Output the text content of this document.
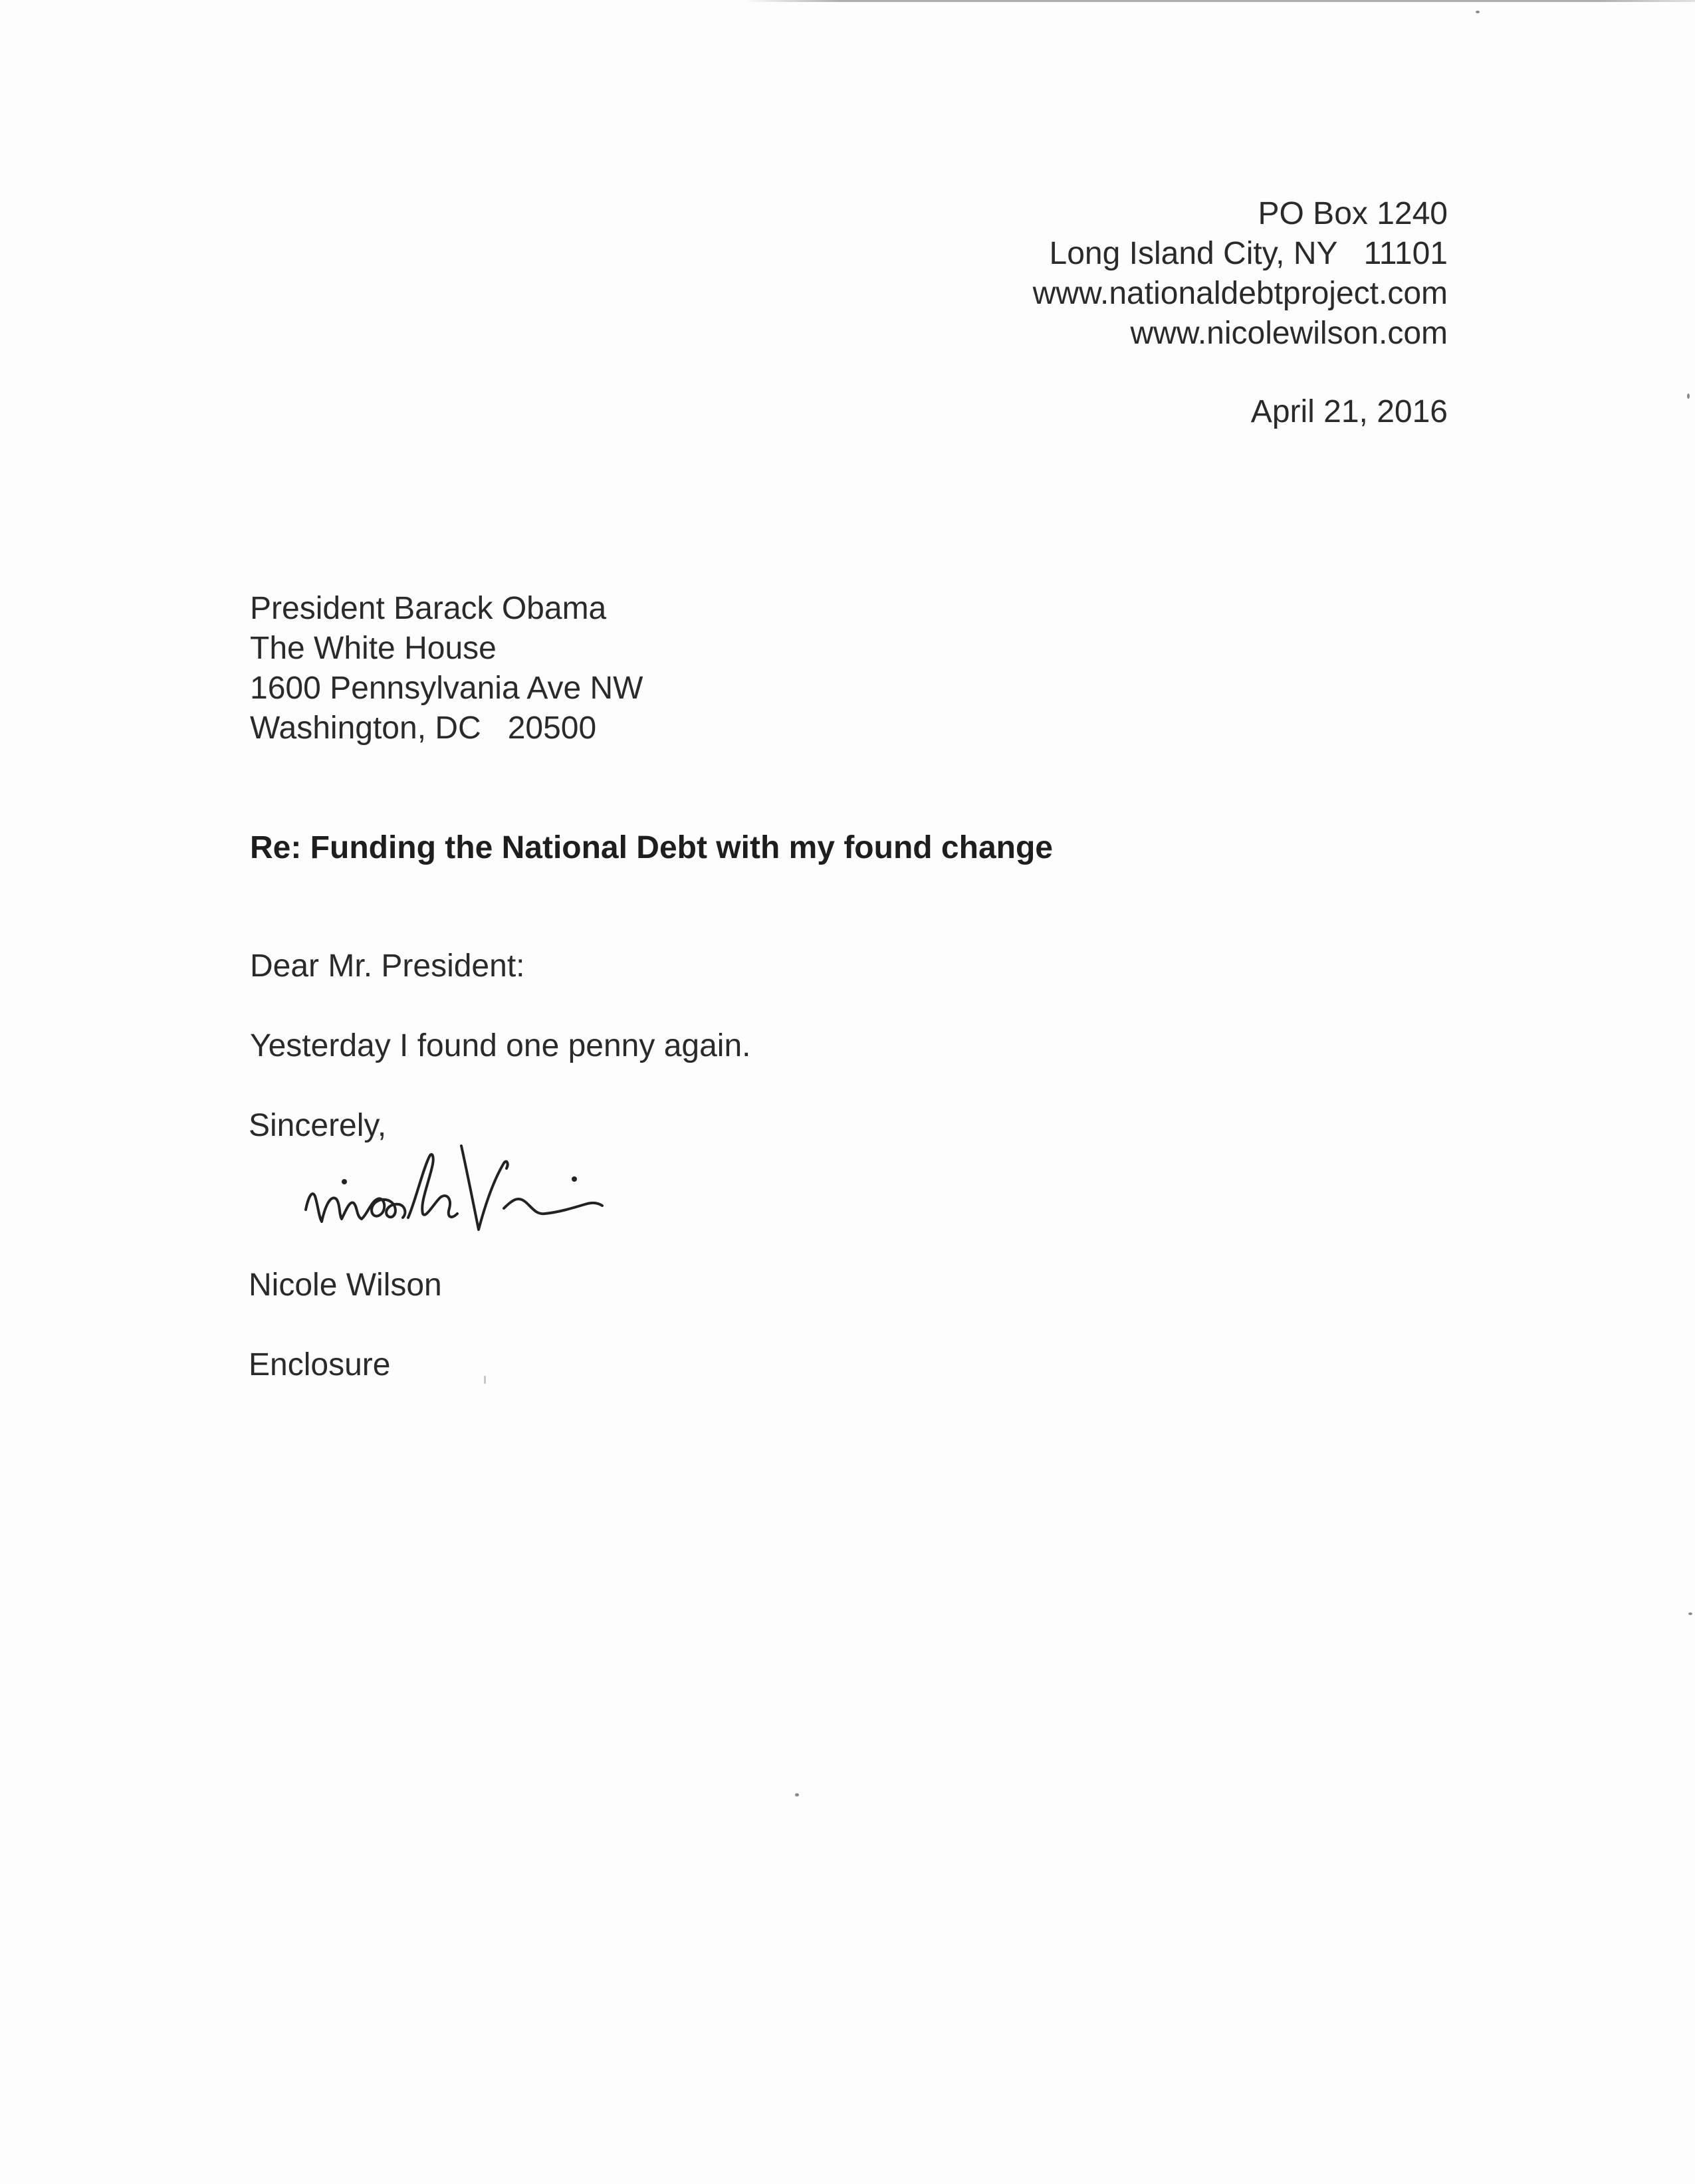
PO Box 1240
Long Island City, NY   11101
www.nationaldebtproject.com
www.nicolewilson.com
April 21, 2016
President Barack Obama
The White House
1600 Pennsylvania Ave NW
Washington, DC   20500
Re: Funding the National Debt with my found change
Dear Mr. President:
Yesterday I found one penny again.
Sincerely,
Nicole Wilson
Enclosure
